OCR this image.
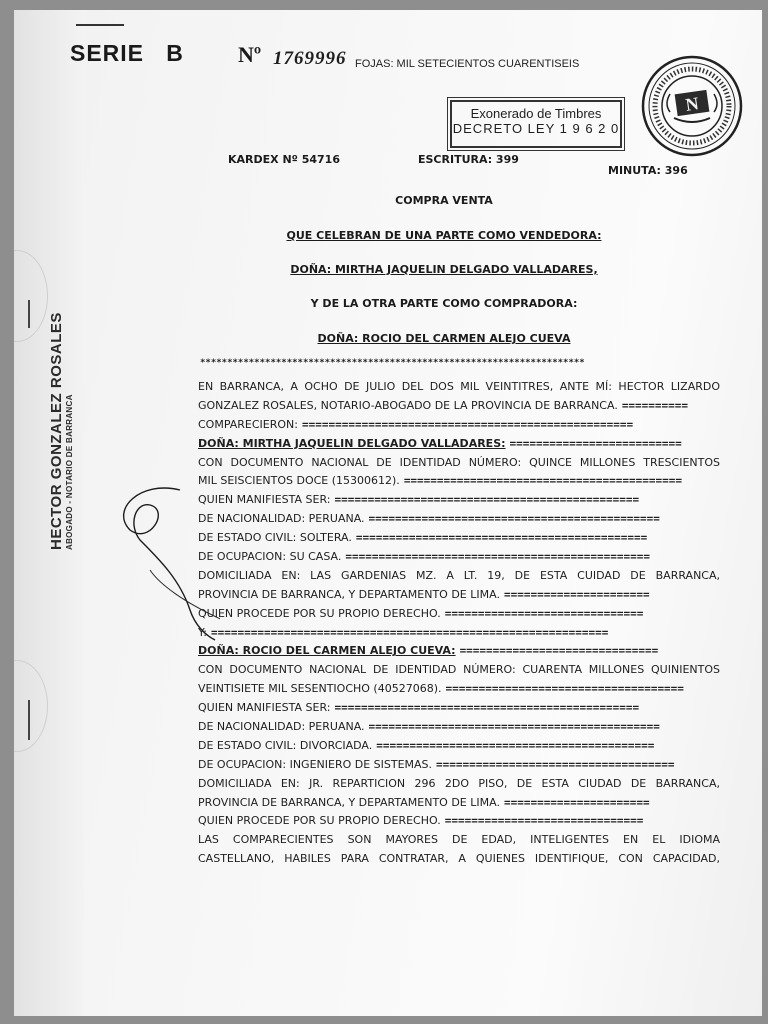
SERIE   B Nº 1769996 FOJAS: MIL SETECIENTOS CUARENTISEIS
Exonerado de Timbres
DECRETO LEY 1 9 6 2 0
N
KARDEX Nº 54716	ESCRITURA: 399
MINUTA: 396
COMPRA VENTA
QUE CELEBRAN DE UNA PARTE COMO VENDEDORA:
DOÑA: MIRTHA JAQUELIN DELGADO VALLADARES,
Y DE LA OTRA PARTE COMO COMPRADORA:
DOÑA: ROCIO DEL CARMEN ALEJO CUEVA
***********************************************************************
EN BARRANCA, A OCHO DE JULIO DEL DOS MIL VEINTITRES, ANTE MÍ: HECTOR LIZARDO
GONZALEZ ROSALES, NOTARIO-ABOGADO DE LA PROVINCIA DE BARRANCA. ==========
COMPARECIERON: ==================================================
DOÑA: MIRTHA JAQUELIN DELGADO VALLADARES: ==========================
CON DOCUMENTO NACIONAL DE IDENTIDAD NÚMERO: QUINCE MILLONES TRESCIENTOS
MIL SEISCIENTOS DOCE (15300612). ==========================================
QUIEN MANIFIESTA SER: ==============================================
DE NACIONALIDAD: PERUANA. ============================================
DE ESTADO CIVIL: SOLTERA. ============================================
DE OCUPACION: SU CASA. ==============================================
DOMICILIADA EN: LAS GARDENIAS MZ. A LT. 19, DE ESTA CUIDAD DE BARRANCA,
PROVINCIA DE BARRANCA, Y DEPARTAMENTO DE LIMA. ======================
QUIEN PROCEDE POR SU PROPIO DERECHO. ==============================
Y: ============================================================
DOÑA: ROCIO DEL CARMEN ALEJO CUEVA: ==============================
CON DOCUMENTO NACIONAL DE IDENTIDAD NÚMERO: CUARENTA MILLONES QUINIENTOS
VEINTISIETE MIL SESENTIOCHO (40527068). ====================================
QUIEN MANIFIESTA SER: ==============================================
DE NACIONALIDAD: PERUANA. ============================================
DE ESTADO CIVIL: DIVORCIADA. ==========================================
DE OCUPACION: INGENIERO DE SISTEMAS. ====================================
DOMICILIADA EN: JR. REPARTICION 296 2DO PISO, DE ESTA CIUDAD DE BARRANCA,
PROVINCIA DE BARRANCA, Y DEPARTAMENTO DE LIMA. ======================
QUIEN PROCEDE POR SU PROPIO DERECHO. ==============================
LAS COMPARECIENTES SON MAYORES DE EDAD, INTELIGENTES EN EL IDIOMA
CASTELLANO, HABILES PARA CONTRATAR, A QUIENES IDENTIFIQUE, CON CAPACIDAD,
HECTOR GONZALEZ ROSALES ABOGADO - NOTARIO DE BARRANCA
